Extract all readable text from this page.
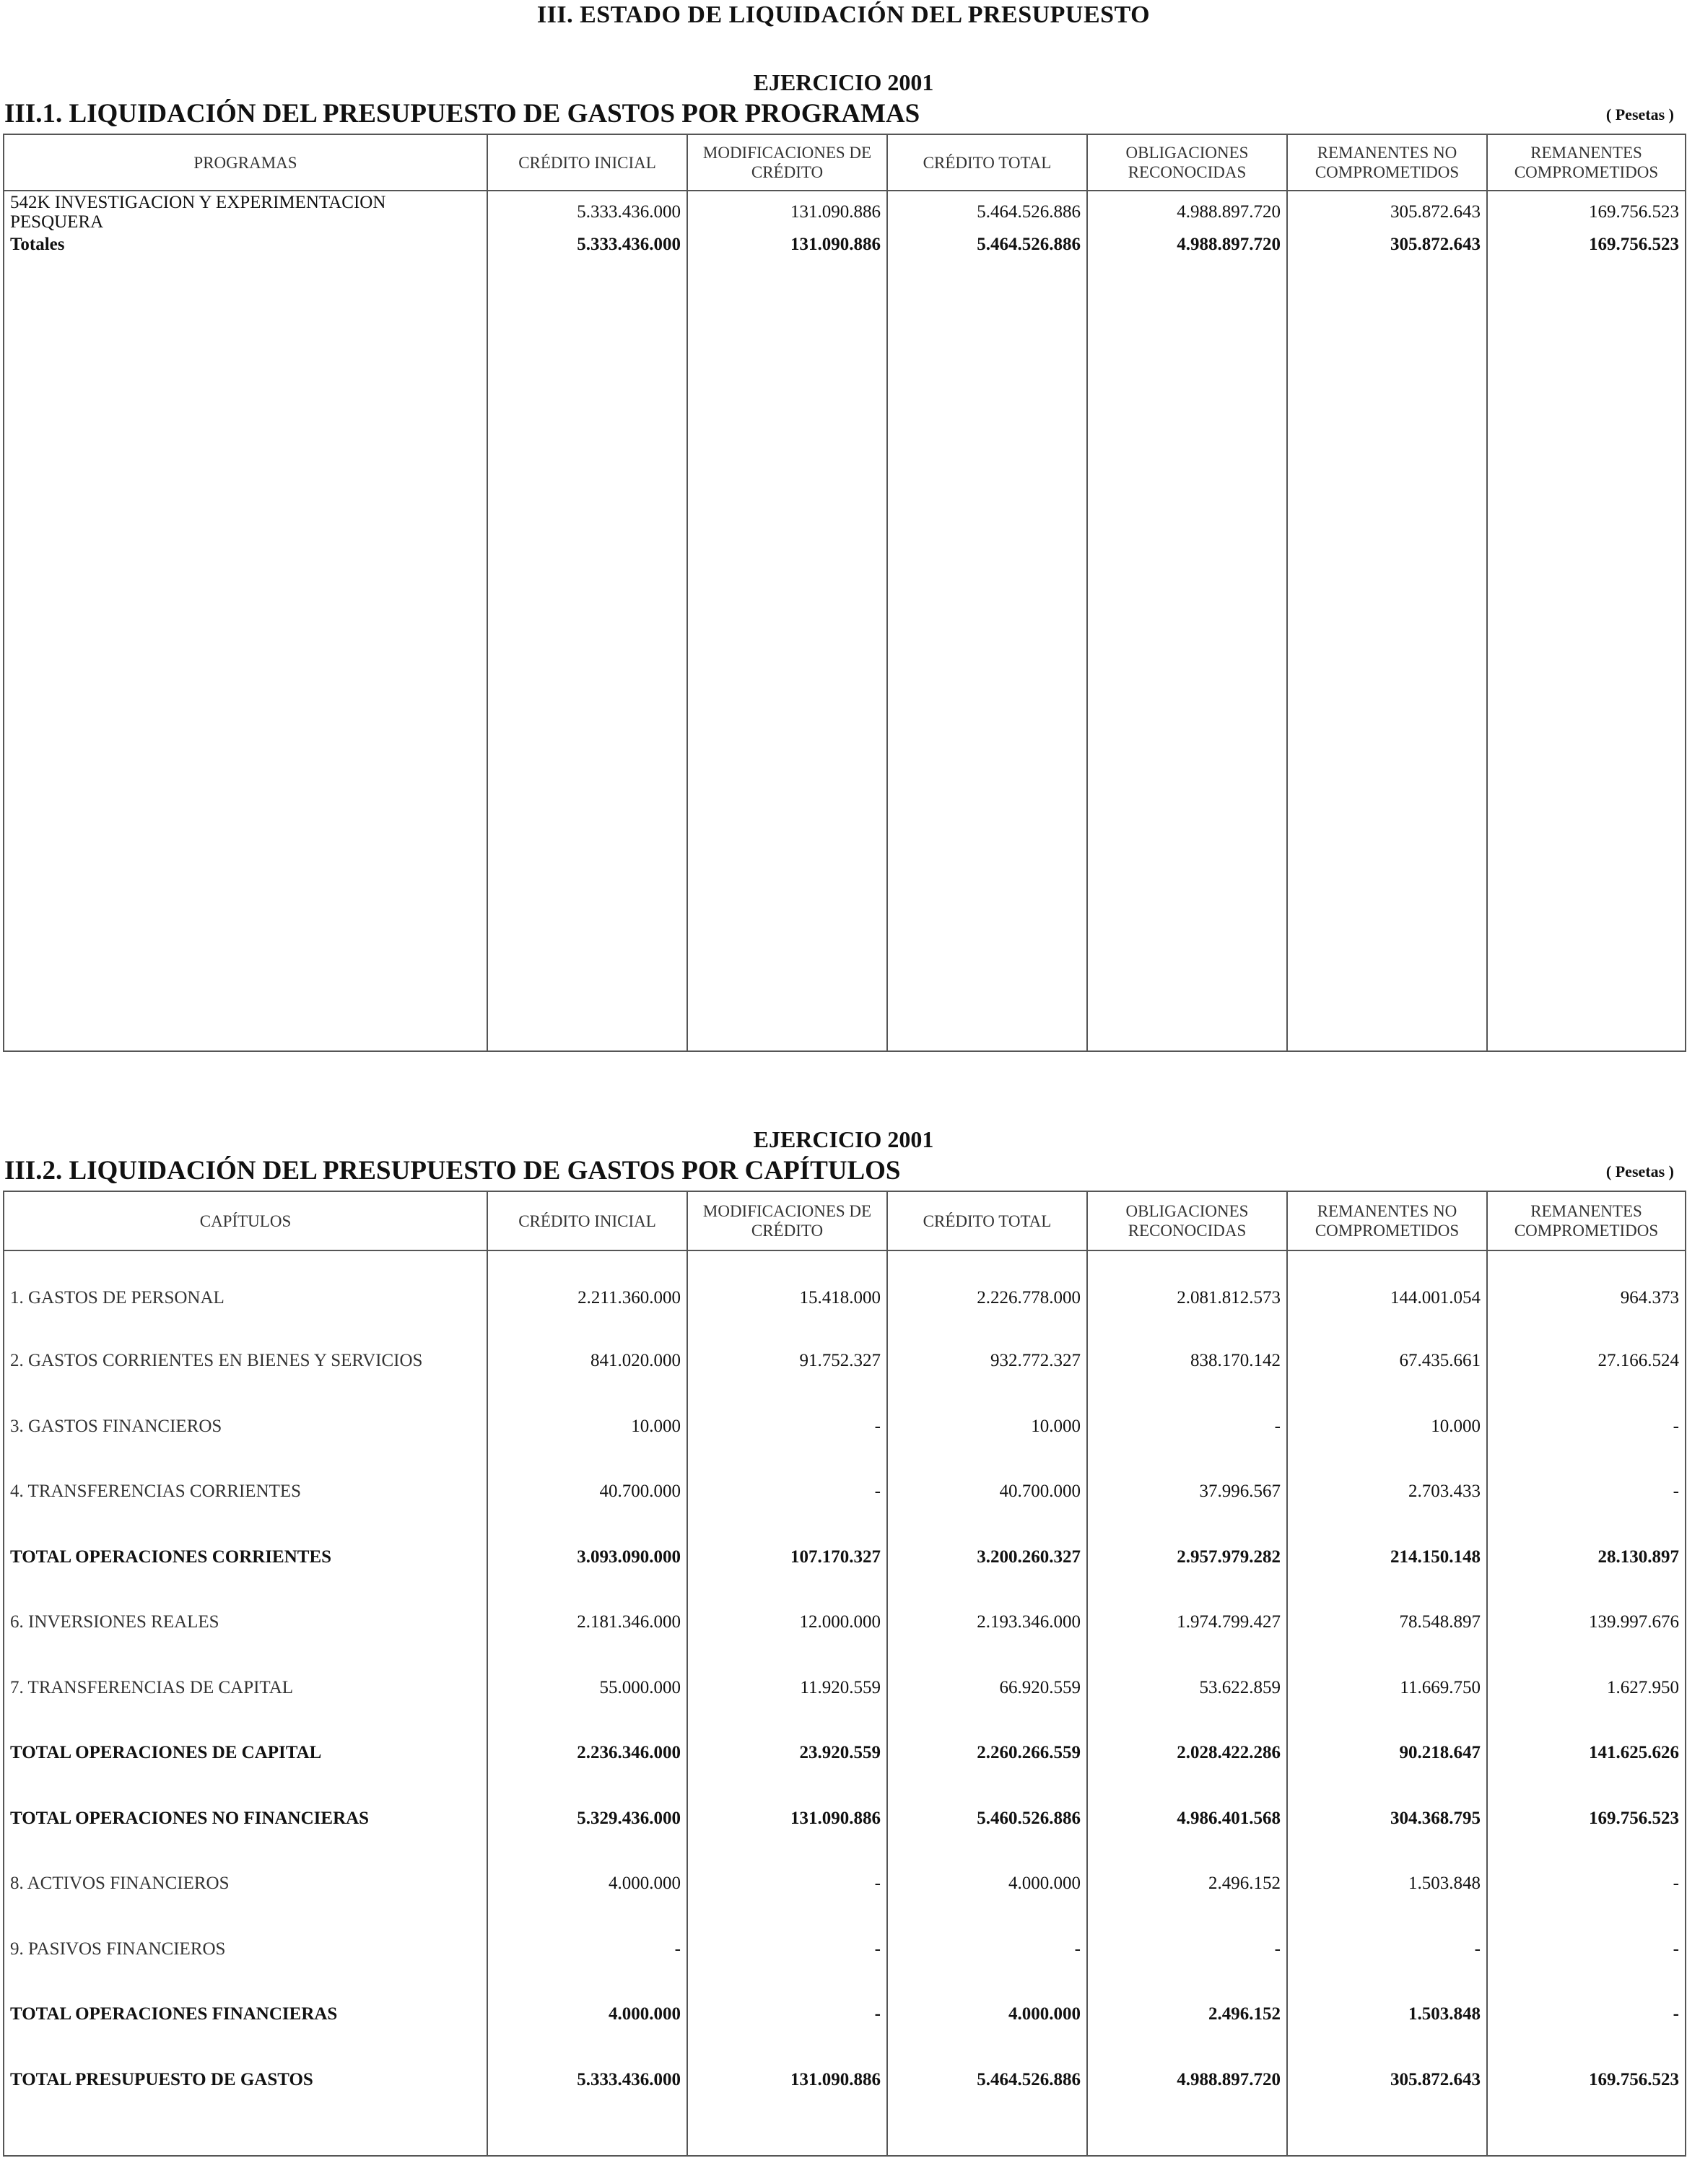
III. ESTADO DE LIQUIDACIÓN DEL PRESUPUESTO
EJERCICIO 2001
III.1. LIQUIDACIÓN DEL PRESUPUESTO DE GASTOS POR PROGRAMAS	( Pesetas )
PROGRAMAS	CRÉDITO INICIAL	MODIFICACIONES DE CRÉDITO	CRÉDITO TOTAL	OBLIGACIONES RECONOCIDAS	REMANENTES NO COMPROMETIDOS	REMANENTES COMPROMETIDOS
542K INVESTIGACION Y EXPERIMENTACION PESQUERA	5.333.436.000	131.090.886	5.464.526.886	4.988.897.720	305.872.643	169.756.523
Totales	5.333.436.000	131.090.886	5.464.526.886	4.988.897.720	305.872.643	169.756.523

EJERCICIO 2001
III.2. LIQUIDACIÓN DEL PRESUPUESTO DE GASTOS POR CAPÍTULOS	( Pesetas )
CAPÍTULOS	CRÉDITO INICIAL	MODIFICACIONES DE CRÉDITO	CRÉDITO TOTAL	OBLIGACIONES RECONOCIDAS	REMANENTES NO COMPROMETIDOS	REMANENTES COMPROMETIDOS
1. GASTOS DE PERSONAL	2.211.360.000	15.418.000	2.226.778.000	2.081.812.573	144.001.054	964.373
2. GASTOS CORRIENTES EN BIENES Y SERVICIOS	841.020.000	91.752.327	932.772.327	838.170.142	67.435.661	27.166.524
3. GASTOS FINANCIEROS	10.000	-	10.000	-	10.000	-
4. TRANSFERENCIAS CORRIENTES	40.700.000	-	40.700.000	37.996.567	2.703.433	-
TOTAL OPERACIONES CORRIENTES	3.093.090.000	107.170.327	3.200.260.327	2.957.979.282	214.150.148	28.130.897
6. INVERSIONES REALES	2.181.346.000	12.000.000	2.193.346.000	1.974.799.427	78.548.897	139.997.676
7. TRANSFERENCIAS DE CAPITAL	55.000.000	11.920.559	66.920.559	53.622.859	11.669.750	1.627.950
TOTAL OPERACIONES DE CAPITAL	2.236.346.000	23.920.559	2.260.266.559	2.028.422.286	90.218.647	141.625.626
TOTAL OPERACIONES NO FINANCIERAS	5.329.436.000	131.090.886	5.460.526.886	4.986.401.568	304.368.795	169.756.523
8. ACTIVOS FINANCIEROS	4.000.000	-	4.000.000	2.496.152	1.503.848	-
9. PASIVOS FINANCIEROS	-	-	-	-	-	-
TOTAL OPERACIONES FINANCIERAS	4.000.000	-	4.000.000	2.496.152	1.503.848	-
TOTAL PRESUPUESTO DE GASTOS	5.333.436.000	131.090.886	5.464.526.886	4.988.897.720	305.872.643	169.756.523
